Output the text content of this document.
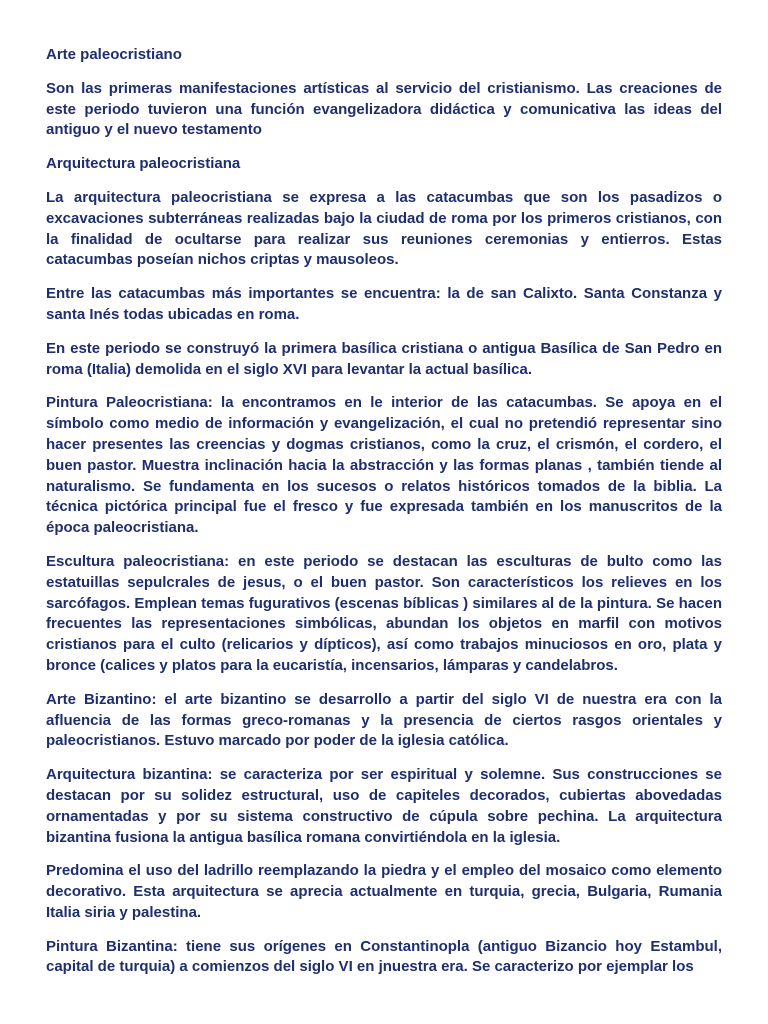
Arte paleocristiano

Son las primeras manifestaciones artísticas al servicio del cristianismo. Las creaciones de este periodo tuvieron una función evangelizadora didáctica y comunicativa las ideas del antiguo y el nuevo testamento

Arquitectura paleocristiana

La arquitectura paleocristiana se expresa a las catacumbas que son los pasadizos o excavaciones subterráneas realizadas bajo la ciudad de roma por los primeros cristianos, con la finalidad de ocultarse para realizar sus reuniones ceremonias y entierros. Estas catacumbas poseían nichos criptas y mausoleos.

Entre las catacumbas más importantes se encuentra: la de san Calixto. Santa Constanza y santa Inés todas ubicadas en roma.

En este periodo se construyó la primera basílica cristiana o antigua Basílica de San Pedro en roma (Italia) demolida en el siglo XVI para levantar la actual basílica.

Pintura Paleocristiana: la encontramos en le interior de las catacumbas. Se apoya en el símbolo como medio de información y evangelización, el cual no pretendió representar sino hacer presentes las creencias y dogmas cristianos, como la cruz, el crismón, el cordero, el buen pastor. Muestra inclinación hacia la abstracción y las formas planas , también tiende al naturalismo. Se fundamenta en los sucesos o relatos históricos tomados de la biblia. La técnica pictórica principal fue el fresco y fue expresada también en los manuscritos de la época paleocristiana.

Escultura paleocristiana: en este periodo se destacan las esculturas de bulto como las estatuillas sepulcrales de jesus, o el buen pastor. Son característicos los relieves en los sarcófagos. Emplean temas fugurativos (escenas bíblicas ) similares al de la pintura. Se hacen frecuentes las representaciones simbólicas, abundan los objetos en marfil con motivos cristianos para el culto (relicarios y dípticos), así como trabajos minuciosos en oro, plata y bronce (calices y platos para la eucaristía, incensarios, lámparas y candelabros.

Arte Bizantino: el arte bizantino se desarrollo a partir del siglo VI de nuestra era con la afluencia de las formas greco-romanas y la presencia de ciertos rasgos orientales y paleocristianos. Estuvo marcado por poder de la iglesia católica.

Arquitectura bizantina: se caracteriza por ser espiritual y solemne. Sus construcciones se destacan por su solidez estructural, uso de capiteles decorados, cubiertas abovedadas ornamentadas y por su sistema constructivo de cúpula sobre pechina. La arquitectura bizantina fusiona la antigua basílica romana convirtiéndola en la iglesia.

Predomina el uso del ladrillo reemplazando la piedra y el empleo del mosaico como elemento decorativo. Esta arquitectura se aprecia actualmente en turquia, grecia, Bulgaria, Rumania Italia siria y palestina.

Pintura Bizantina: tiene sus orígenes en Constantinopla (antiguo Bizancio hoy Estambul, capital de turquia) a comienzos del siglo VI en jnuestra era. Se caracterizo por ejemplar los
